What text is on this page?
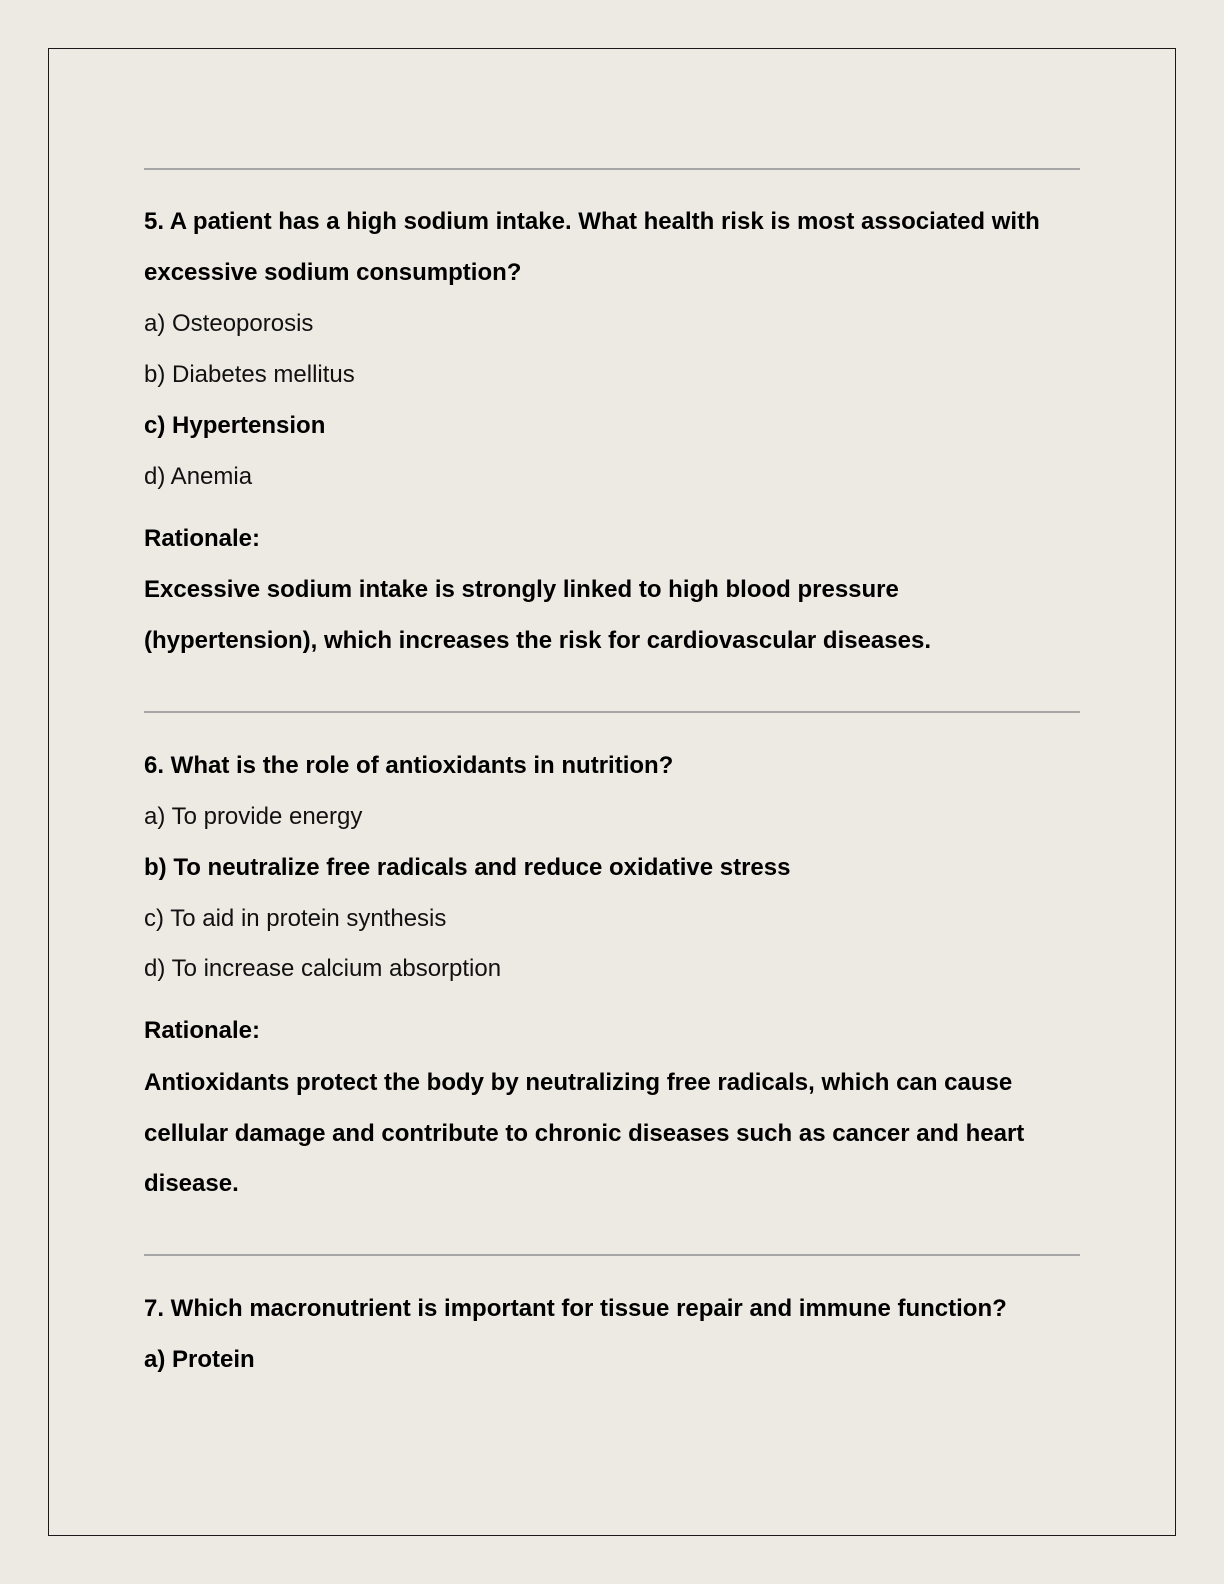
5. A patient has a high sodium intake. What health risk is most associated with
excessive sodium consumption?
a) Osteoporosis
b) Diabetes mellitus
c) Hypertension
d) Anemia
Rationale:
Excessive sodium intake is strongly linked to high blood pressure
(hypertension), which increases the risk for cardiovascular diseases.
6. What is the role of antioxidants in nutrition?
a) To provide energy
b) To neutralize free radicals and reduce oxidative stress
c) To aid in protein synthesis
d) To increase calcium absorption
Rationale:
Antioxidants protect the body by neutralizing free radicals, which can cause
cellular damage and contribute to chronic diseases such as cancer and heart
disease.
7. Which macronutrient is important for tissue repair and immune function?
a) Protein
